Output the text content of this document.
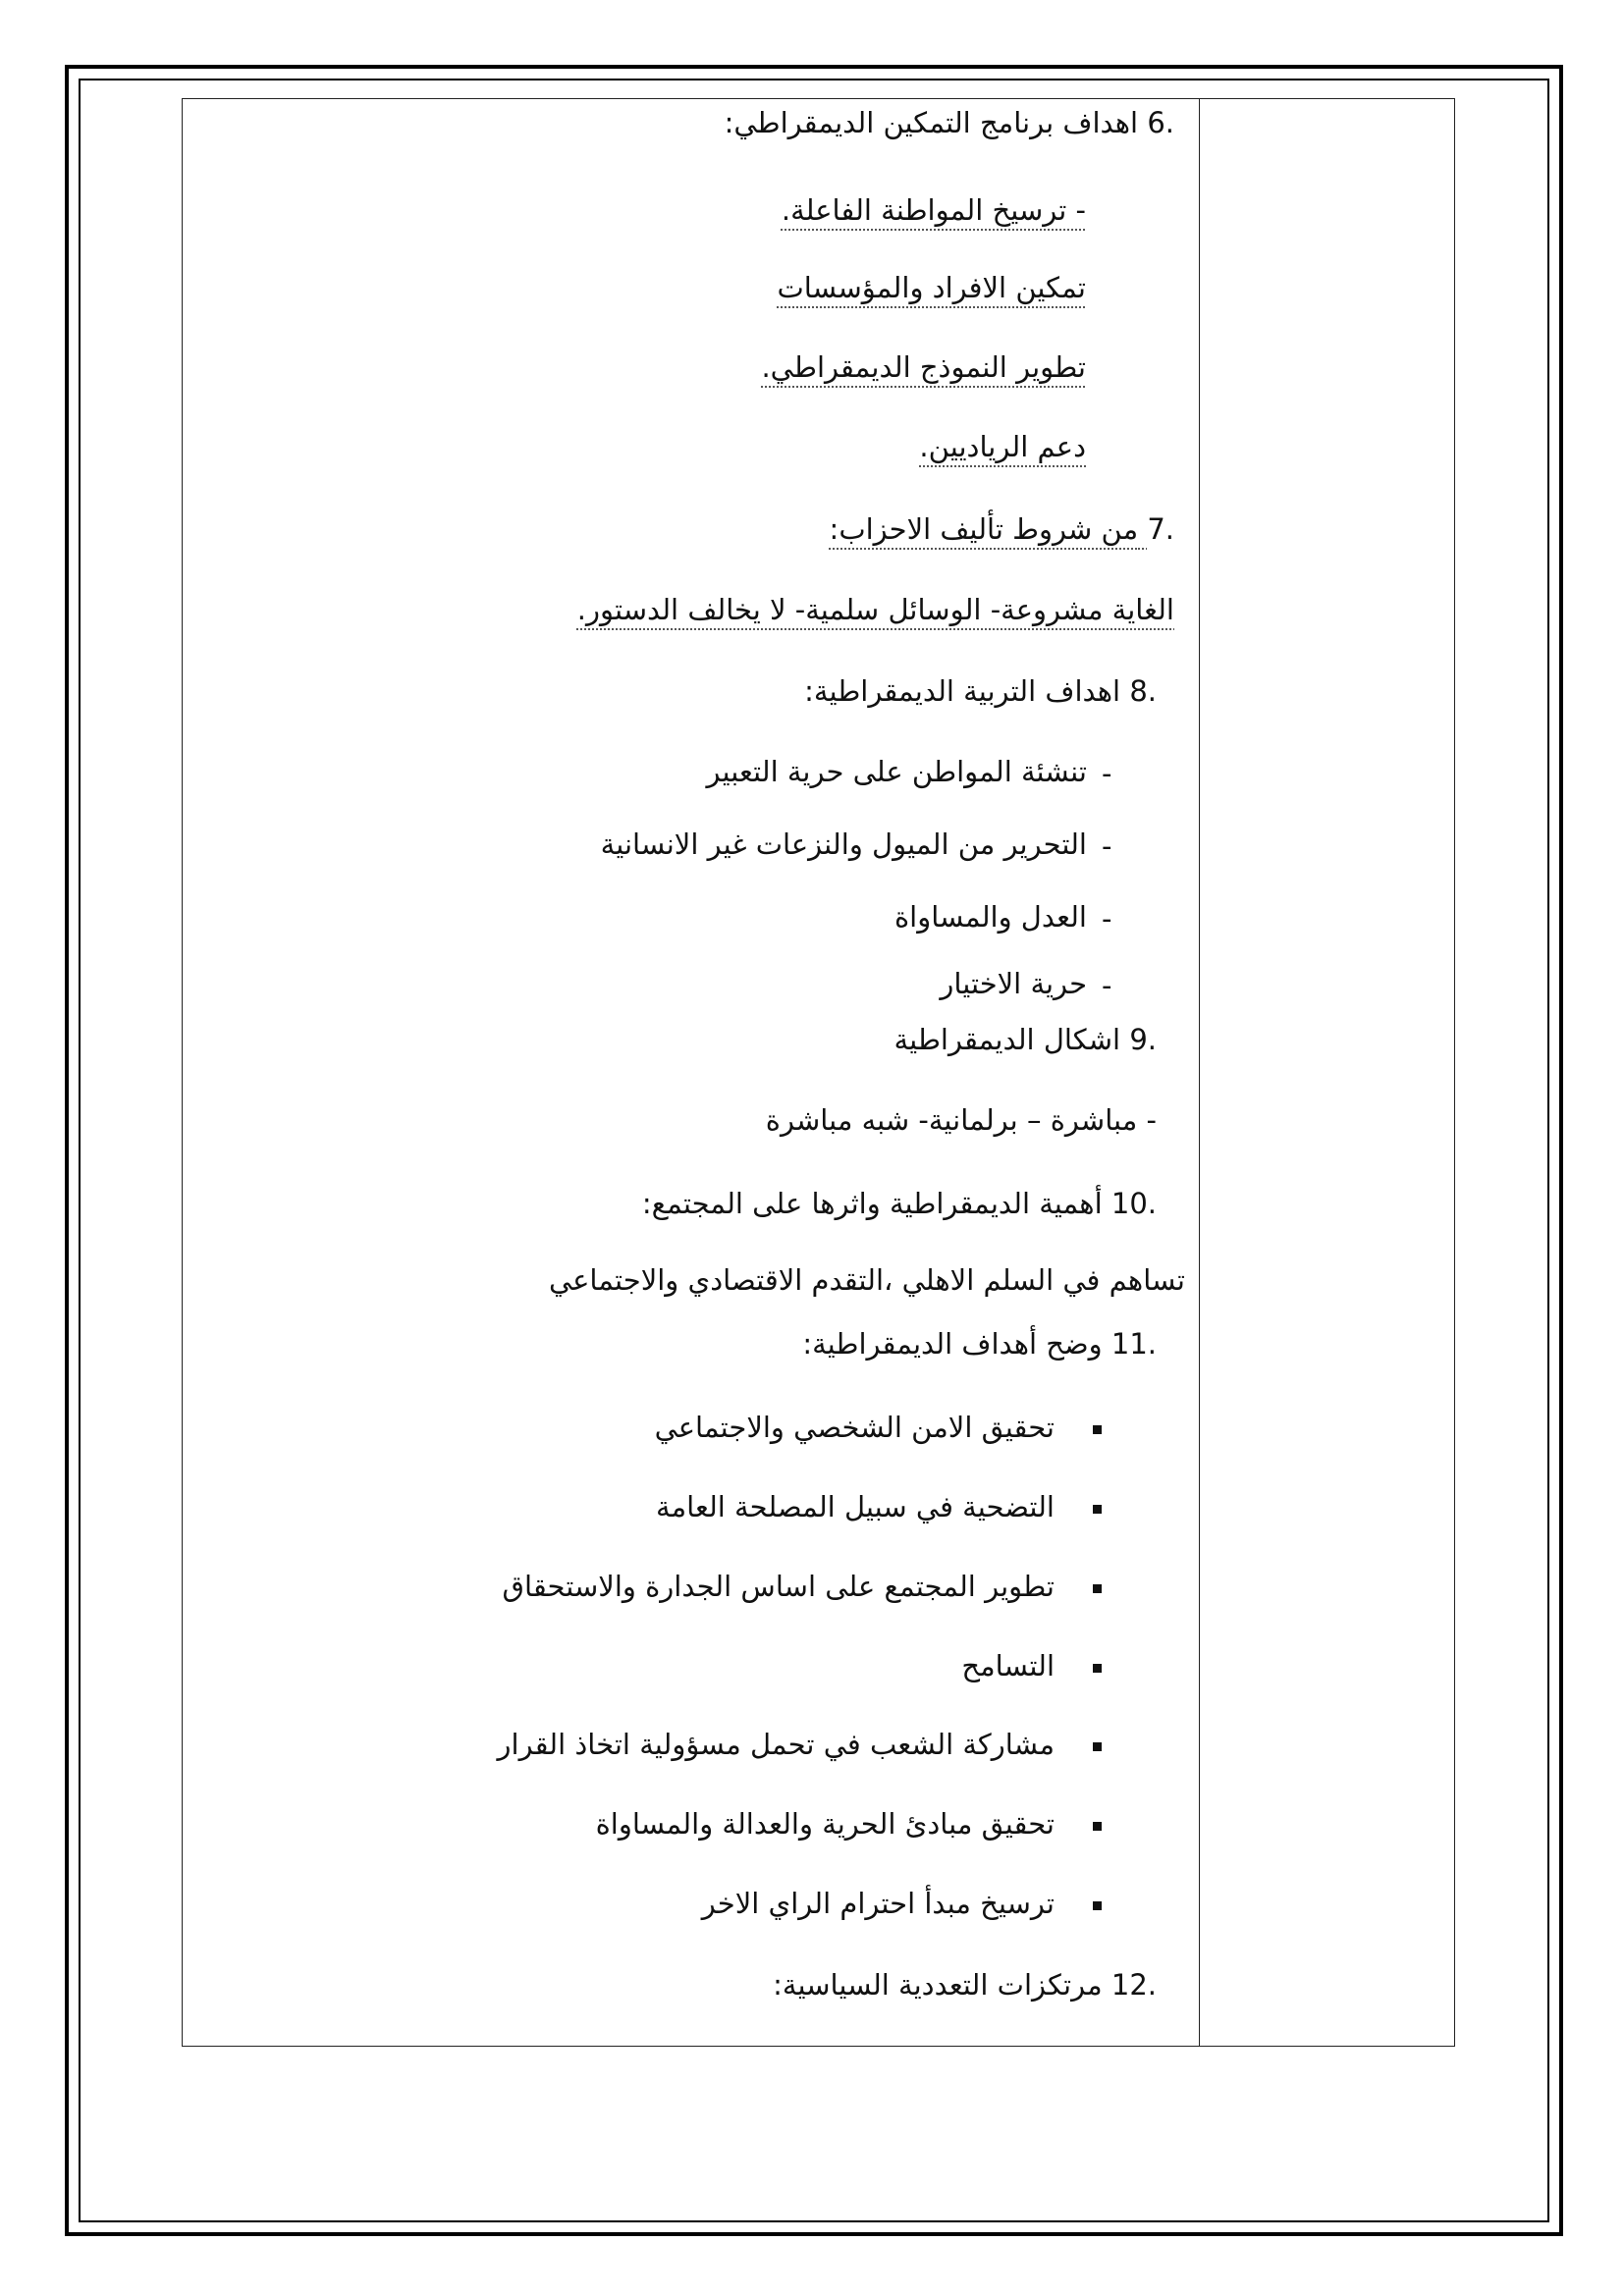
6. اهداف برنامج التمكين الديمقراطي:
- ترسيخ المواطنة الفاعلة.
تمكين الافراد والمؤسسات
تطوير النموذج الديمقراطي.
دعم الرياديين.
7. من شروط تأليف الاحزاب:
الغاية مشروعة- الوسائل سلمية- لا يخالف الدستور.
8. اهداف التربية الديمقراطية:
-
تنشئة المواطن على حرية التعبير
-
التحرير من الميول والنزعات غير الانسانية
-
العدل والمساواة
-
حرية الاختيار
9. اشكال الديمقراطية
- مباشرة – برلمانية- شبه مباشرة
10. أهمية الديمقراطية واثرها على المجتمع:
تساهم في السلم الاهلي ،التقدم الاقتصادي والاجتماعي
11. وضح أهداف الديمقراطية:
تحقيق الامن الشخصي والاجتماعي
التضحية في سبيل المصلحة العامة
تطوير المجتمع على اساس الجدارة والاستحقاق
التسامح
مشاركة الشعب في تحمل مسؤولية اتخاذ القرار
تحقيق مبادئ الحرية والعدالة والمساواة
ترسيخ مبدأ احترام الراي الاخر
12. مرتكزات التعددية السياسية:
